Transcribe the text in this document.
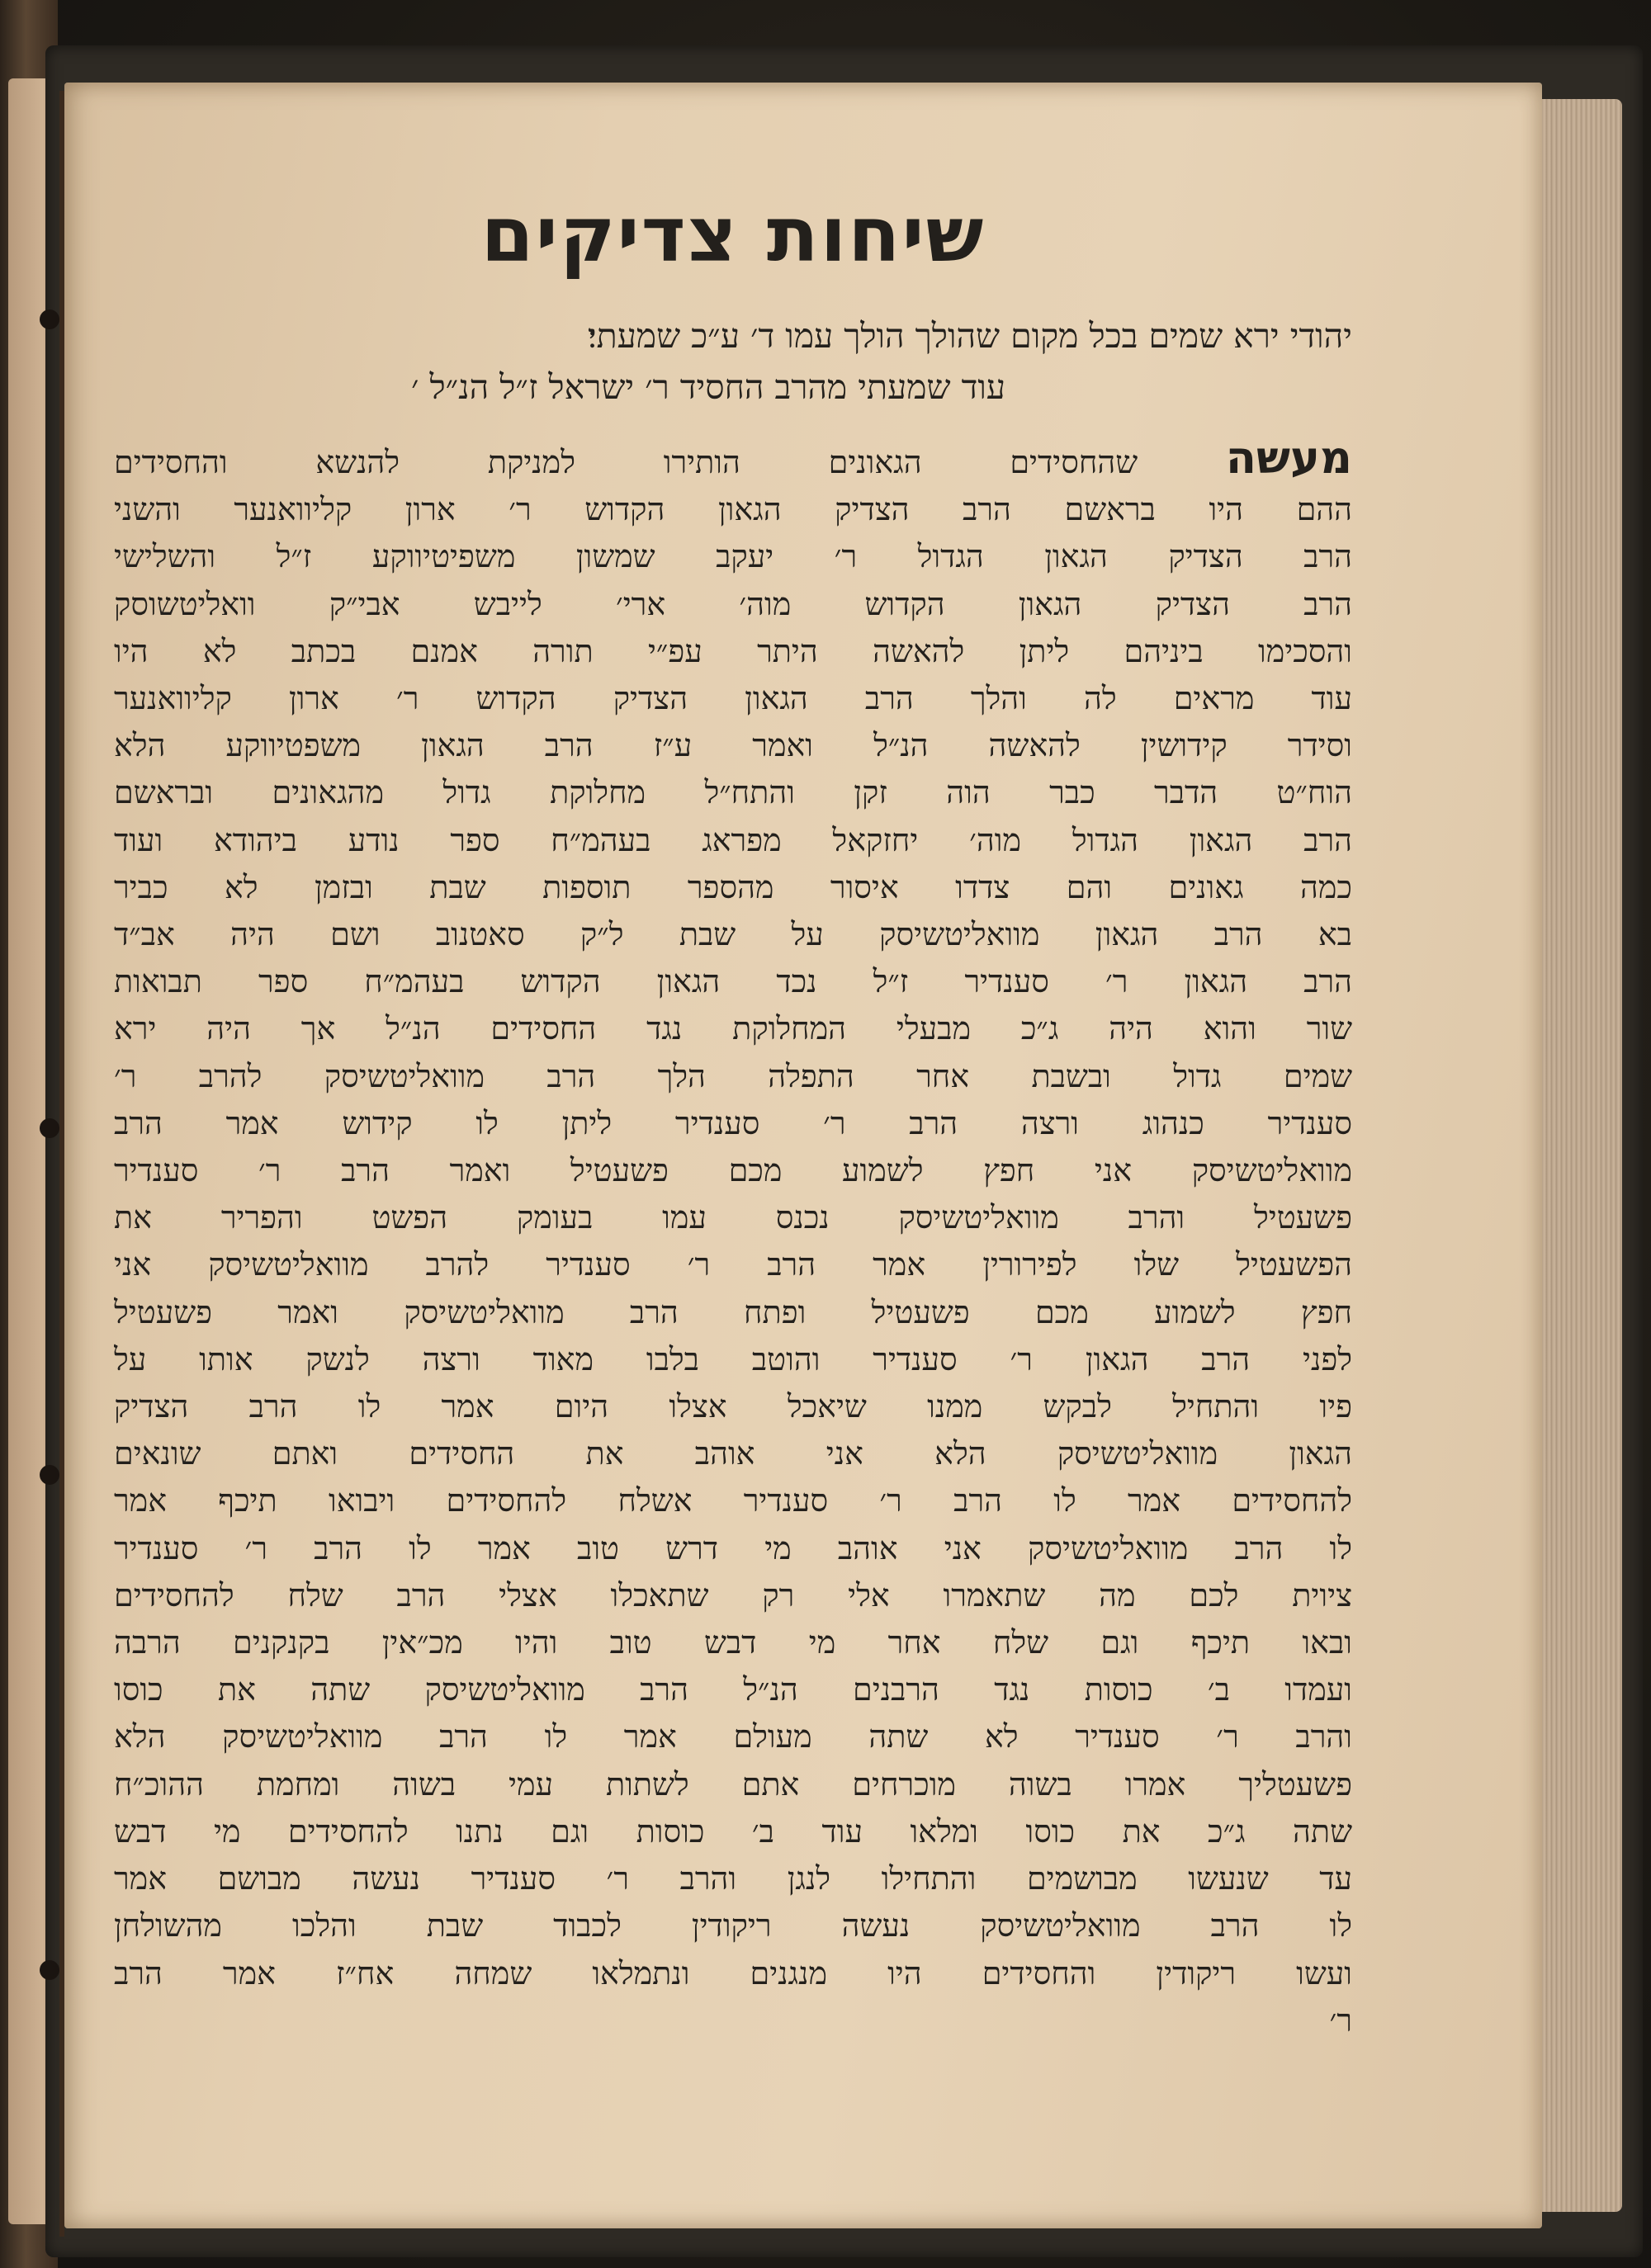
שיחות צדיקים
יהודי ירא שמים בכל מקום שהולך הולך עמו ד׳ ע״כ שמעתי׃
עוד שמעתי מהרב החסיד ר׳ ישראל ז״ל הנ״ל ׳
מעשה שהחסידים הגאונים הותירו למניקת להנשא והחסידים
ההם היו בראשם הרב הצדיק הגאון הקדוש ר׳ ארון קליוואנער והשני
הרב הצדיק הגאון הגדול ר׳ יעקב שמשון משפיטיווקע ז״ל והשלישי
הרב הצדיק הגאון הקדוש מוה׳ ארי׳ לייבש אבי״ק וואליטשוסק
והסכימו ביניהם ליתן להאשה היתר עפ״י תורה אמנם בכתב לא היו
עוד מראים לה והלך הרב הגאון הצדיק הקדוש ר׳ ארון קליוואנער
וסידר קידושין להאשה הנ״ל ואמר ע״ז הרב הגאון משפטיווקע הלא
הוח״ט הדבר כבר הוה זקן והתח״ל מחלוקת גדול מהגאונים ובראשם
הרב הגאון הגדול מוה׳ יחזקאל מפראג בעהמ״ח ספר נודע ביהודא ועוד
כמה גאונים והם צדדו איסור מהספר תוספות שבת ובזמן לא כביר
בא הרב הגאון מוואליטשיסק על שבת ל״ק סאטנוב ושם היה אב״ד
הרב הגאון ר׳ סענדיר ז״ל נכד הגאון הקדוש בעהמ״ח ספר תבואות
שור והוא היה ג״כ מבעלי המחלוקת נגד החסידים הנ״ל אך היה ירא
שמים גדול ובשבת אחר התפלה הלך הרב מוואליטשיסק להרב ר׳
סענדיר כנהוג ורצה הרב ר׳ סענדיר ליתן לו קידוש אמר הרב
מוואליטשיסק אני חפץ לשמוע מכם פשעטיל ואמר הרב ר׳ סענדיר
פשעטיל והרב מוואליטשיסק נכנס עמו בעומק הפשט והפריר את
הפשעטיל שלו לפירורין אמר הרב ר׳ סענדיר להרב מוואליטשיסק אני
חפץ לשמוע מכם פשעטיל ופתח הרב מוואליטשיסק ואמר פשעטיל
לפני הרב הגאון ר׳ סענדיר והוטב בלבו מאוד ורצה לנשק אותו על
פיו והתחיל לבקש ממנו שיאכל אצלו היום אמר לו הרב הצדיק
הגאון מוואליטשיסק הלא אני אוהב את החסידים ואתם שונאים
להחסידים אמר לו הרב ר׳ סענדיר אשלח להחסידים ויבואו תיכף אמר
לו הרב מוואליטשיסק אני אוהב מי דרש טוב אמר לו הרב ר׳ סענדיר
ציוית לכם מה שתאמרו אלי רק שתאכלו אצלי הרב שלח להחסידים
ובאו תיכף וגם שלח אחר מי דבש טוב והיו מכ״אין בקנקנים הרבה
ועמדו ב׳ כוסות נגד הרבנים הנ״ל הרב מוואליטשיסק שתה את כוסו
והרב ר׳ סענדיר לא שתה מעולם אמר לו הרב מוואליטשיסק הלא
פשעטליך אמרו בשוה מוכרחים אתם לשתות עמי בשוה ומחמת ההוכ״ח
שתה ג״כ את כוסו ומלאו עוד ב׳ כוסות וגם נתנו להחסידים מי דבש
עד שנעשו מבושמים והתחילו לנגן והרב ר׳ סענדיר נעשה מבושם אמר
לו הרב מוואליטשיסק נעשה ריקודין לכבוד שבת והלכו מהשולחן
ועשו ריקודין והחסידים היו מנגנים ונתמלאו שמחה אח״ז אמר הרב
ר׳
